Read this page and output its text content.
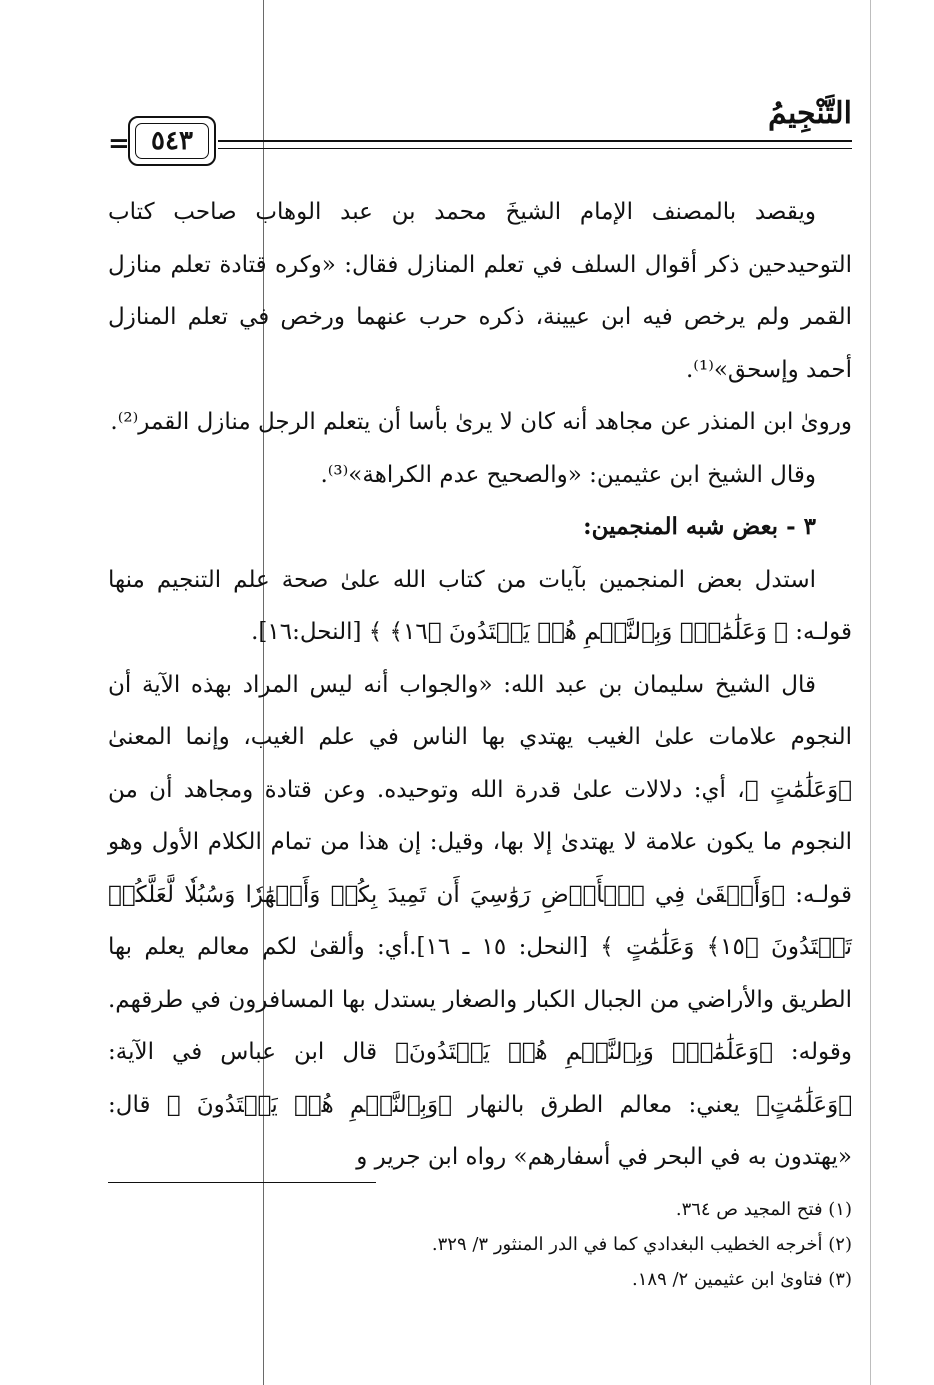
التَّنْجِيمُ
= ٥٤٣

ويقصد بالمصنف الإمام الشيخَ محمد بن عبد الوهاب صاحب كتاب التوحيدحين ذكر أقوال السلف في تعلم المنازل فقال: «وكره قتادة تعلم منازل القمر ولم يرخص فيه ابن عيينة، ذكره حرب عنهما ورخص في تعلم المنازل أحمد وإسحق»⁽¹⁾.

وروىٰ ابن المنذر عن مجاهد أنه كان لا يرىٰ بأسا أن يتعلم الرجل منازل القمر⁽²⁾.

وقال الشيخ ابن عثيمين: «والصحيح عدم الكراهة»⁽³⁾.

٣ - بعض شبه المنجمين:

استدل بعض المنجمين بآيات من كتاب الله علىٰ صحة علم التنجيم منها قولـه: ﴿ وَعَلَٰمَٰتٍۚ وَبِٱلنَّجۡمِ هُمۡ يَهۡتَدُونَ ﴿١٦﴾ ﴾ [النحل:١٦].

قال الشيخ سليمان بن عبد الله: «والجواب أنه ليس المراد بهذه الآية أن النجوم علامات علىٰ الغيب يهتدي بها الناس في علم الغيب، وإنما المعنىٰ ﴿وَعَلَٰمَٰتٍ ﴾، أي: دلالات علىٰ قدرة الله وتوحيده. وعن قتادة ومجاهد أن من النجوم ما يكون علامة لا يهتدىٰ إلا بها، وقيل: إن هذا من تمام الكلام الأول وهو قولـه: ﴿وَأَلۡقَىٰ فِي ٱلۡأَرۡضِ رَوَٰسِيَ أَن تَمِيدَ بِكُمۡ وَأَنۡهَٰرٗا وَسُبُلٗا لَّعَلَّكُمۡ تَهۡتَدُونَ ﴿١٥﴾ وَعَلَٰمَٰتٍ ﴾ [النحل: ١٥ ـ ١٦].أي: وألقىٰ لكم معالم يعلم بها الطريق والأراضي من الجبال الكبار والصغار يستدل بها المسافرون في طرقهم. وقوله: ﴿وَعَلَٰمَٰتٍۚ وَبِٱلنَّجۡمِ هُمۡ يَهۡتَدُونَ﴾ قال ابن عباس في الآية: ﴿وَعَلَٰمَٰتٍ﴾ يعني: معالم الطرق بالنهار ﴿وَبِٱلنَّجۡمِ هُمۡ يَهۡتَدُونَ ﴾ قال: «يهتدون به في البحر في أسفارهم» رواه ابن جرير و

(١) فتح المجيد ص ٣٦٤.
(٢) أخرجه الخطيب البغدادي كما في الدر المنثور ٣/ ٣٢٩.
(٣) فتاوىٰ ابن عثيمين ٢/ ١٨٩.
